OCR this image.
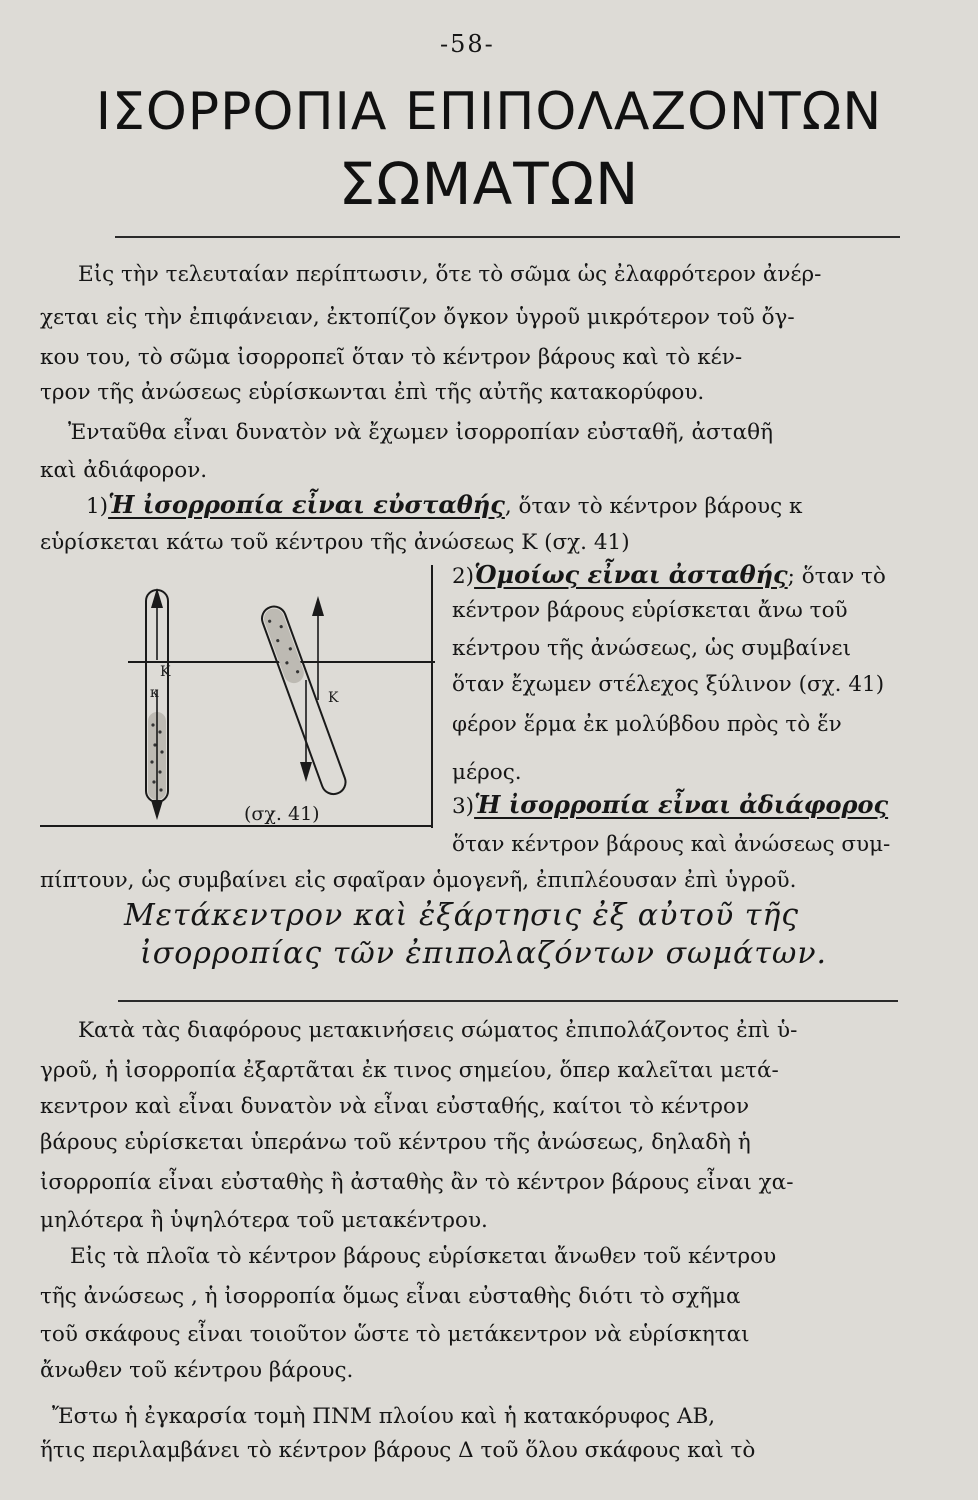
-58-
ΙΣΟΡΡΟΠΙΑ ΕΠΙΠΟΛΑΖΟΝΤΩΝ
ΣΩΜΑΤΩΝ
Εἰς τὴν τελευταίαν περίπτωσιν, ὅτε τὸ σῶμα ὡς ἐλαφρότερον ἀνέρ-
χεται εἰς τὴν ἐπιφάνειαν, ἐκτοπίζον ὄγκον ὑγροῦ μικρότερον τοῦ ὄγ-
κου του, τὸ σῶμα ἰσορροπεῖ ὅταν τὸ κέντρον βάρους καὶ τὸ κέν-
τρον τῆς ἀνώσεως εὑρίσκωνται ἐπὶ τῆς αὐτῆς κατακορύφου.
Ἐνταῦθα εἶναι δυνατὸν νὰ ἔχωμεν ἰσορροπίαν εὐσταθῆ, ἀσταθῆ
καὶ ἀδιάφορον.
1)Ἡ ἰσορροπία εἶναι εὐσταθής, ὅταν τὸ κέντρον βάρους κ
εὑρίσκεται κάτω τοῦ κέντρου τῆς ἀνώσεως Κ (σχ. 41)
Κ
κ	Κ
(σχ. 41)
2)Ὁμοίως εἶναι ἀσταθής; ὅταν τὸ
κέντρον βάρους εὑρίσκεται ἄνω τοῦ
κέντρου τῆς ἀνώσεως, ὡς συμβαίνει
ὅταν ἔχωμεν στέλεχος ξύλινον (σχ. 41)
φέρον ἕρμα ἐκ μολύβδου πρὸς τὸ ἕν
μέρος.
3)Ἡ ἰσορροπία εἶναι ἀδιάφορος
ὅταν κέντρον βάρους καὶ ἀνώσεως συμ-
πίπτουν, ὡς συμβαίνει εἰς σφαῖραν ὁμογενῆ, ἐπιπλέουσαν ἐπὶ ὑγροῦ.
Μετάκεντρον καὶ ἐξάρτησις ἐξ αὐτοῦ τῆς
ἰσορροπίας τῶν ἐπιπολαζόντων σωμάτων.
Κατὰ τὰς διαφόρους μετακινήσεις σώματος ἐπιπολάζοντος ἐπὶ ὑ-
γροῦ, ἡ ἰσορροπία ἐξαρτᾶται ἐκ τινος σημείου, ὅπερ καλεῖται μετά-
κεντρον καὶ εἶναι δυνατὸν νὰ εἶναι εὐσταθής, καίτοι τὸ κέντρον
βάρους εὑρίσκεται ὑπεράνω τοῦ κέντρου τῆς ἀνώσεως, δηλαδὴ ἡ
ἰσορροπία εἶναι εὐσταθὴς ἢ ἀσταθὴς ἂν τὸ κέντρον βάρους εἶναι χα-
μηλότερα ἢ ὑψηλότερα τοῦ μετακέντρου.
Εἰς τὰ πλοῖα τὸ κέντρον βάρους εὑρίσκεται ἄνωθεν τοῦ κέντρου
τῆς ἀνώσεως , ἡ ἰσορροπία ὅμως εἶναι εὐσταθὴς διότι τὸ σχῆμα
τοῦ σκάφους εἶναι τοιοῦτον ὥστε τὸ μετάκεντρον νὰ εὑρίσκηται
ἄνωθεν τοῦ κέντρου βάρους.
Ἔστω ἡ ἐγκαρσία τομὴ ΠΝΜ πλοίου καὶ ἡ κατακόρυφος ΑΒ,
ἥτις περιλαμβάνει τὸ κέντρον βάρους Δ τοῦ ὅλου σκάφους καὶ τὸ
